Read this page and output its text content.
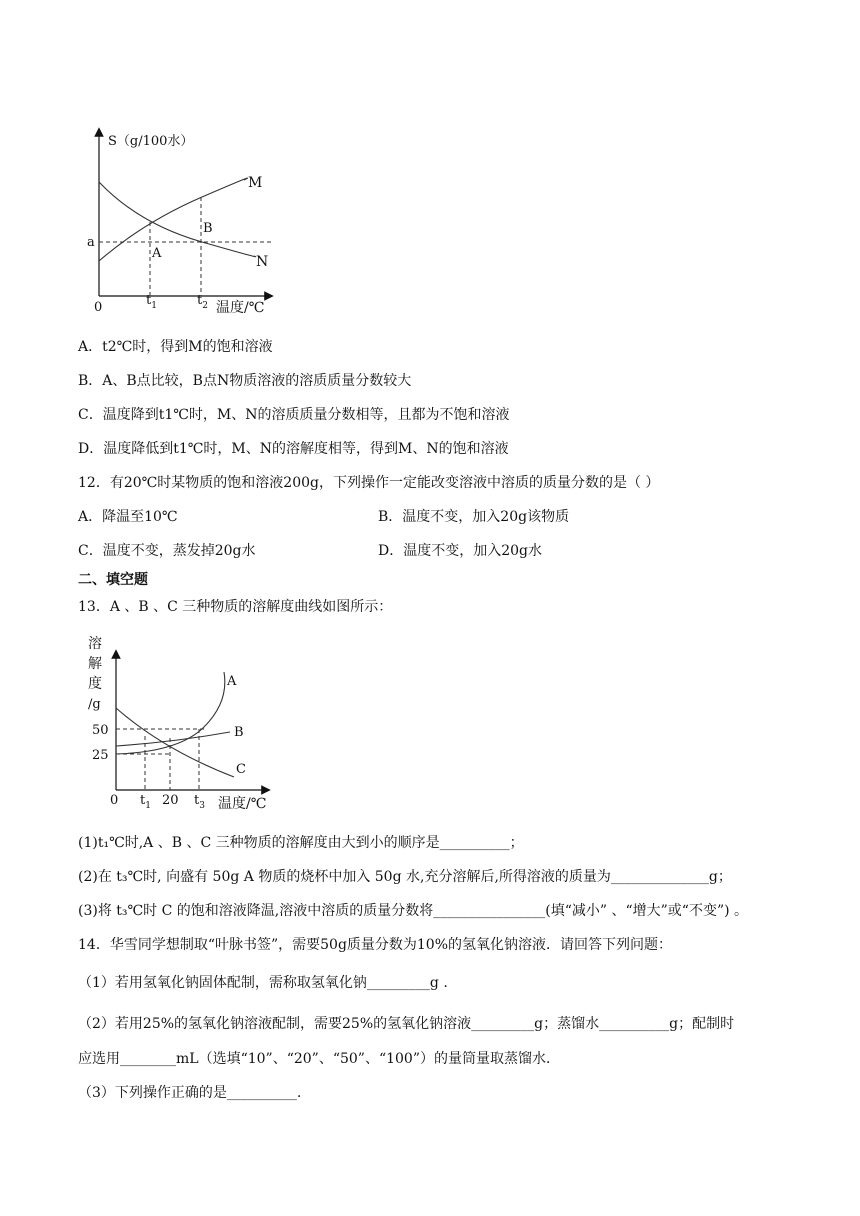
S（g/100水）
M
N
B
A
a
0	$t_1$	$t_2$ 温度/℃
A．t2℃时，得到M的饱和溶液
B．A、B点比较，B点N物质溶液的溶质质量分数较大
C．温度降到t1℃时，M、N的溶质质量分数相等，且都为不饱和溶液
D．温度降低到t1℃时，M、N的溶解度相等，得到M、N的饱和溶液
12．有20℃时某物质的饱和溶液200g，下列操作一定能改变溶液中溶质的质量分数的是（ ）
A．降温至10℃	B．温度不变，加入20g该物质
C．温度不变，蒸发掉20g水	D．温度不变，加入20g水
二、填空题
13．A 、B 、C 三种物质的溶解度曲线如图所示：
溶
解
度
/g
50
25
0 $t_1$ 20 $t_3$ 温度/℃
A
B
C
(1)t₁℃时,A 、B 、C 三种物质的溶解度由大到小的顺序是__________；
(2)在 t₃℃时, 向盛有 50g A 物质的烧杯中加入 50g 水,充分溶解后,所得溶液的质量为______________g；
(3)将 t₃℃时 C 的饱和溶液降温,溶液中溶质的质量分数将________________(填“减小” 、“增大”或“不变”) 。
14．华雪同学想制取“叶脉书签”，需要50g质量分数为10%的氢氧化钠溶液．请回答下列问题：
（1）若用氢氧化钠固体配制，需称取氢氧化钠_________g .
（2）若用25%的氢氧化钠溶液配制，需要25%的氢氧化钠溶液_________g；蒸馏水__________g；配制时
应选用________mL（选填“10”、“20”、“50”、“100”）的量筒量取蒸馏水．
（3）下列操作正确的是__________.
